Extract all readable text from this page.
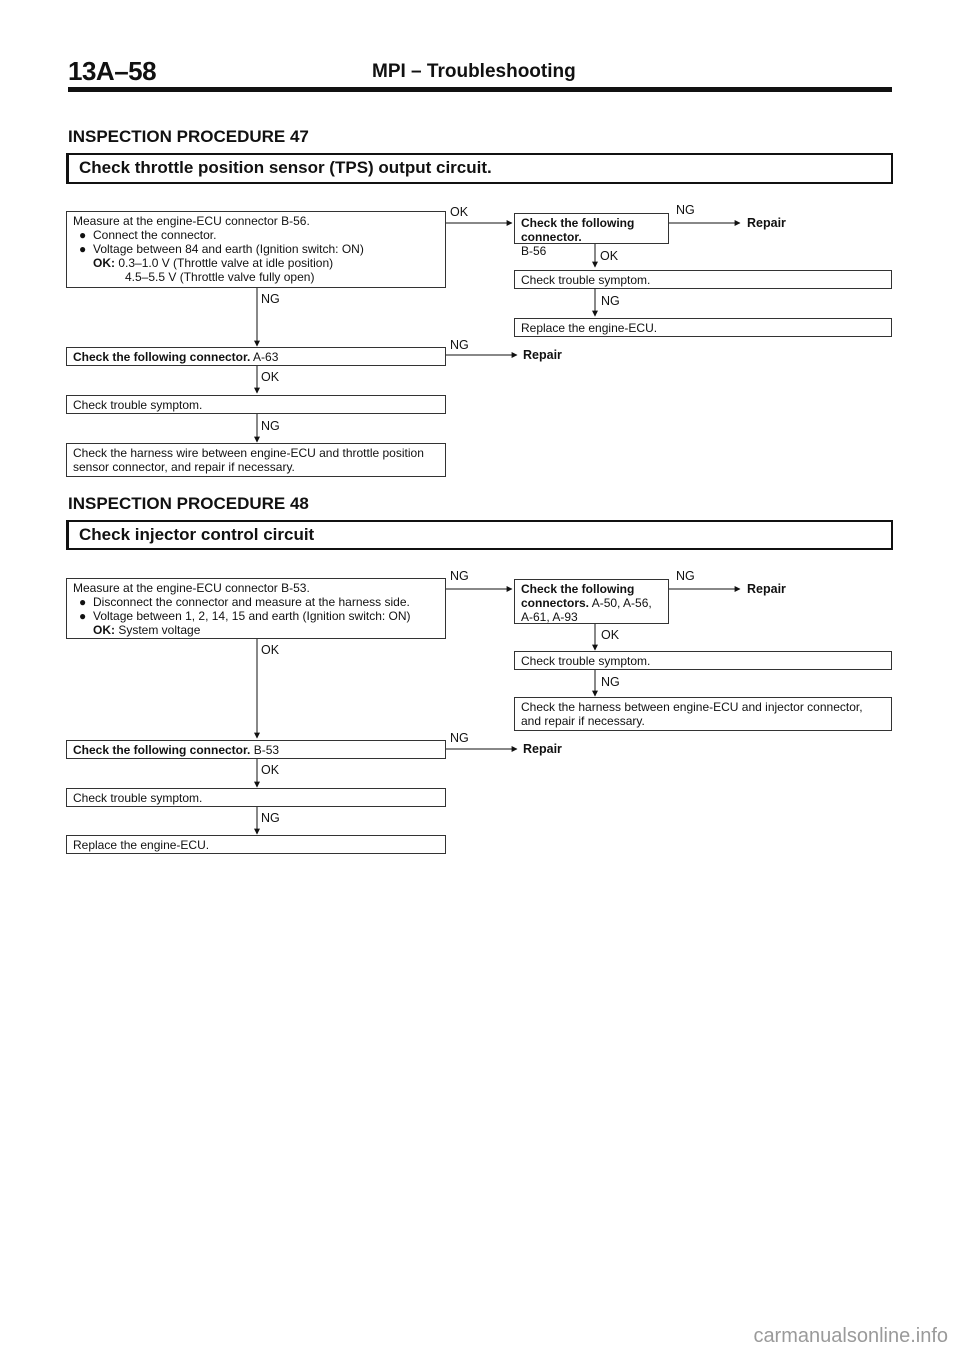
13A–58	MPI – Troubleshooting
INSPECTION PROCEDURE 47
Check throttle position sensor (TPS) output circuit.
Measure at the engine-ECU connector B-56.
● Connect the connector.
● Voltage between 84 and earth (Ignition switch: ON)
OK: 0.3–1.0 V (Throttle valve at idle position)
4.5–5.5 V (Throttle valve fully open)
OK
Check the following connector.
B-56
NG
Repair
OK
Check trouble symptom.
NG
NG
Replace the engine-ECU.
NG
Check the following connector. A-63	Repair
OK
Check trouble symptom.
NG
Check the harness wire between engine-ECU and throttle position sensor connector, and repair if necessary.
INSPECTION PROCEDURE 48
Check injector control circuit
Measure at the engine-ECU connector B-53.
● Disconnect the connector and measure at the harness side.
● Voltage between 1, 2, 14, 15 and earth (Ignition switch: ON)
OK: System voltage
NG
Check the following connectors. A-50, A-56, A-61, A-93
NG
Repair
OK
OK
Check trouble symptom.
NG
Check the harness between engine-ECU and injector connector, and repair if necessary.
NG
Check the following connector. B-53	Repair
OK
Check trouble symptom.
NG
Replace the engine-ECU.
carmanualsonline.info
